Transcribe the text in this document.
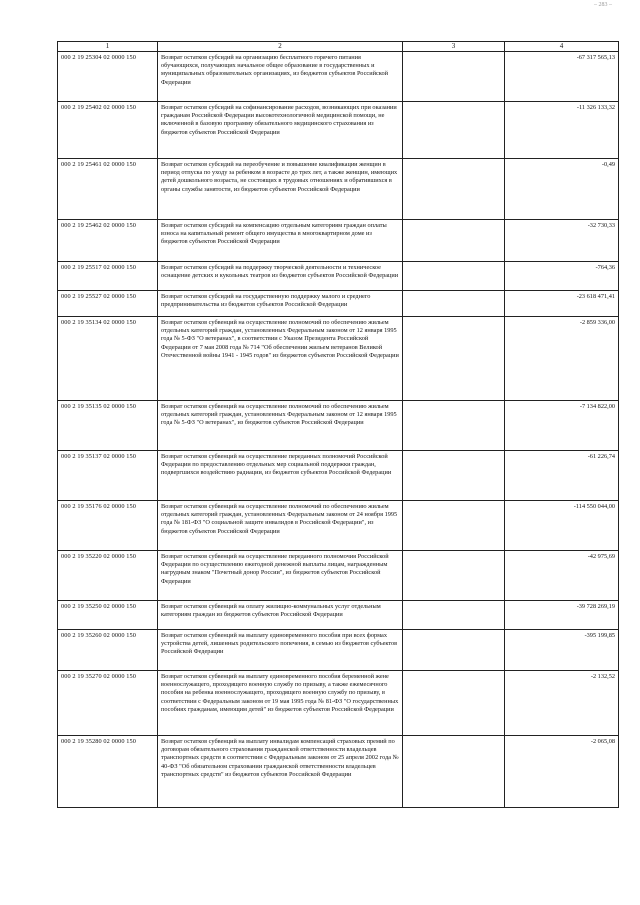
– 283 –
1	2	3	4
000 2 19 25304 02 0000 150	Возврат остатков субсидий на организацию бесплатного горячего питания обучающихся, получающих начальное общее образование в государственных и муниципальных образовательных организациях, из бюджетов субъектов Российской Федерации		-67 317 565,13
000 2 19 25402 02 0000 150	Возврат остатков субсидий на софинансирование расходов, возникающих при оказании гражданам Российской Федерации высокотехнологичной медицинской помощи, не включенной в базовую программу обязательного медицинского страхования из бюджетов субъектов Российской Федерации		-11 326 133,32
000 2 19 25461 02 0000 150	Возврат остатков субсидий на переобучение и повышение квалификации женщин в период отпуска по уходу за ребенком в возрасте до трех лет, а также женщин, имеющих детей дошкольного возраста, не состоящих в трудовых отношениях и обратившихся в органы службы занятости, из бюджетов субъектов Российской Федерации		-0,49
000 2 19 25462 02 0000 150	Возврат остатков субсидий на компенсацию отдельным категориям граждан оплаты взноса на капитальный ремонт общего имущества в многоквартирном доме из бюджетов субъектов Российской Федерации		-32 730,33
000 2 19 25517 02 0000 150	Возврат остатков субсидий на поддержку творческой деятельности и техническое оснащение детских и кукольных театров из бюджетов субъектов Российской Федерации		-764,36
000 2 19 25527 02 0000 150	Возврат остатков субсидий на государственную поддержку малого и среднего предпринимательства из бюджетов субъектов Российской Федерации		-23 618 471,41
000 2 19 35134 02 0000 150	Возврат остатков субвенций на осуществление полномочий по обеспечению жильем отдельных категорий граждан, установленных Федеральным законом от 12 января 1995 года № 5-ФЗ "О ветеранах", в соответствии с Указом Президента Российской Федерации от 7 мая 2008 года № 714 "Об обеспечении жильем ветеранов Великой Отечественной войны 1941 - 1945 годов" из бюджетов субъектов Российской Федерации		-2 859 336,00
000 2 19 35135 02 0000 150	Возврат остатков субвенций на осуществление полномочий по обеспечению жильем отдельных категорий граждан, установленных Федеральным законом от 12 января 1995 года № 5-ФЗ "О ветеранах", из бюджетов субъектов Российской Федерации		-7 134 822,00
000 2 19 35137 02 0000 150	Возврат остатков субвенций на осуществление переданных полномочий Российской Федерации по предоставлению отдельных мер социальной поддержки граждан, подвергшихся воздействию радиации, из бюджетов субъектов Российской Федерации		-61 226,74
000 2 19 35176 02 0000 150	Возврат остатков субвенций на осуществление полномочий по обеспечению жильем отдельных категорий граждан, установленных Федеральным законом от 24 ноября 1995 года № 181-ФЗ "О социальной защите инвалидов в Российской Федерации", из бюджетов субъектов Российской Федерации		-114 550 044,00
000 2 19 35220 02 0000 150	Возврат остатков субвенций на осуществление переданного полномочия Российской Федерации по осуществлению ежегодной денежной выплаты лицам, награжденным нагрудным знаком "Почетный донор России", из бюджетов субъектов Российской Федерации		-42 975,69
000 2 19 35250 02 0000 150	Возврат остатков субвенций на оплату жилищно-коммунальных услуг отдельным категориям граждан из бюджетов субъектов Российской Федерации		-39 728 269,19
000 2 19 35260 02 0000 150	Возврат остатков субвенций на выплату единовременного пособия при всех формах устройства детей, лишенных родительского попечения, в семью из бюджетов субъектов Российской Федерации		-395 199,85
000 2 19 35270 02 0000 150	Возврат остатков субвенций на выплату единовременного пособия беременной жене военнослужащего, проходящего военную службу по призыву, а также ежемесячного пособия на ребенка военнослужащего, проходящего военную службу по призыву, в соответствии с Федеральным законом от 19 мая 1995 года № 81-ФЗ "О государственных пособиях гражданам, имеющим детей" из бюджетов субъектов Российской Федерации		-2 132,52
000 2 19 35280 02 0000 150	Возврат остатков субвенций на выплату инвалидам компенсаций страховых премий по договорам обязательного страхования гражданской ответственности владельцев транспортных средств в соответствии с Федеральным законом от 25 апреля 2002 года № 40-ФЗ "Об обязательном страховании гражданской ответственности владельцев транспортных средств" из бюджетов субъектов Российской Федерации		-2 065,08
